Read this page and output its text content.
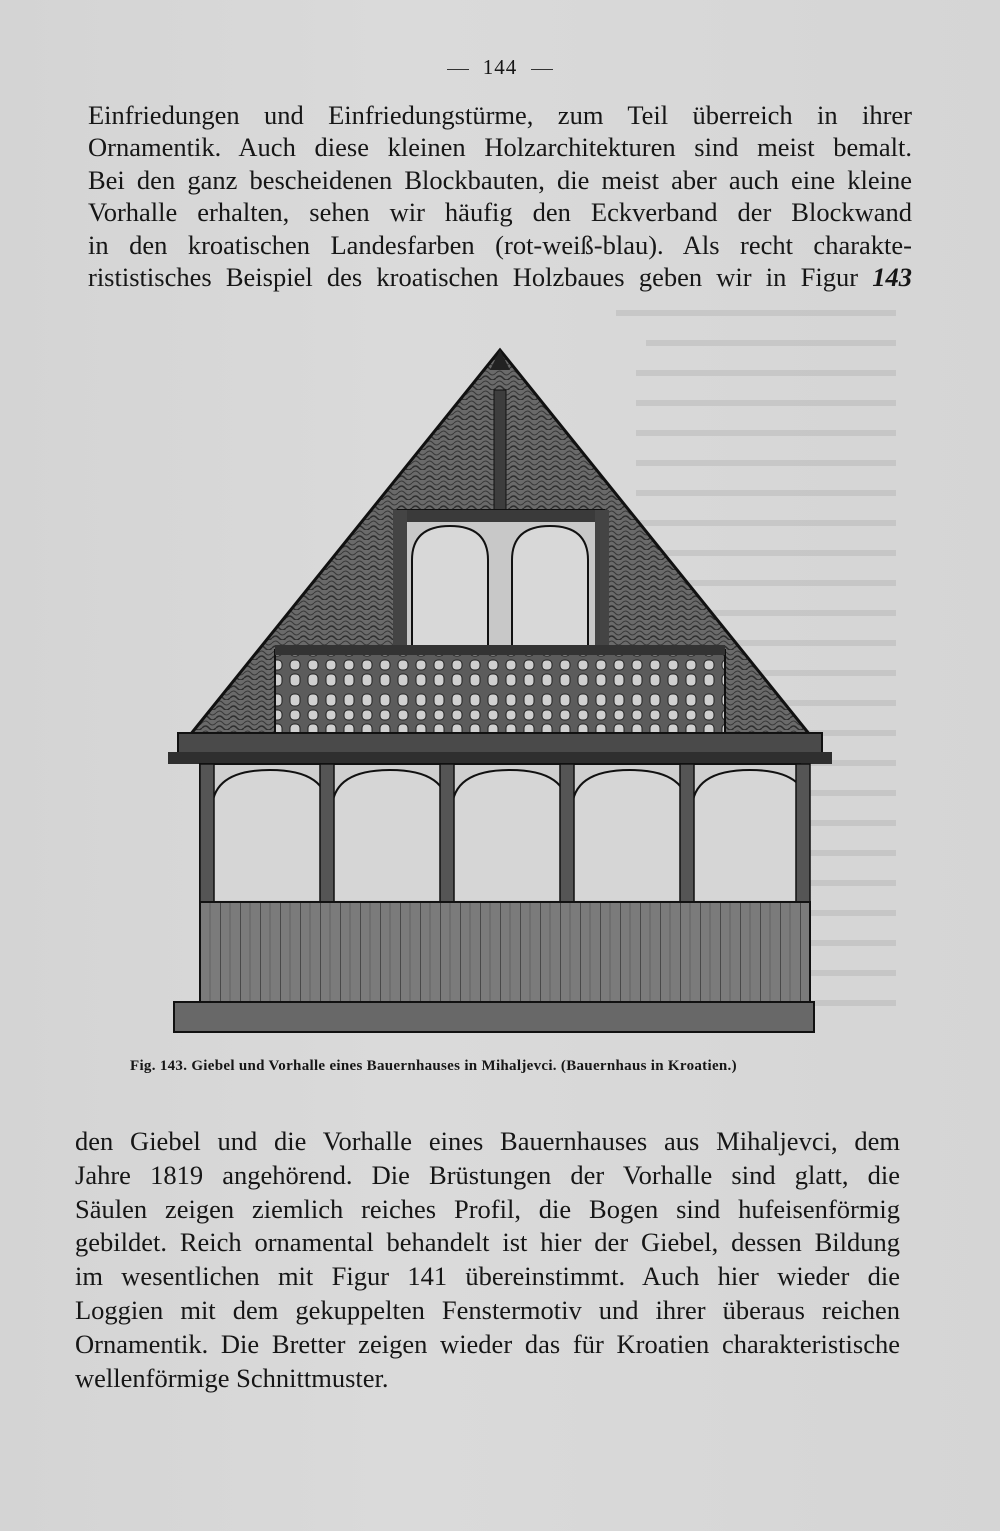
144
Einfriedungen und Einfriedungstürme, zum Teil überreich in ihrer
Ornamentik. Auch diese kleinen Holzarchitekturen sind meist bemalt.
Bei den ganz bescheidenen Blockbauten, die meist aber auch eine kleine
Vorhalle erhalten, sehen wir häufig den Eckverband der Blockwand
in den kroatischen Landesfarben (rot-weiß-blau). Als recht charakte-
rististisches Beispiel des kroatischen Holzbaues geben wir in Figur 143
Fig. 143. Giebel und Vorhalle eines Bauernhauses in Mihaljevci. (Bauernhaus in Kroatien.)
den Giebel und die Vorhalle eines Bauernhauses aus Mihaljevci, dem
Jahre 1819 angehörend. Die Brüstungen der Vorhalle sind glatt, die
Säulen zeigen ziemlich reiches Profil, die Bogen sind hufeisenförmig
gebildet. Reich ornamental behandelt ist hier der Giebel, dessen Bildung
im wesentlichen mit Figur 141 übereinstimmt. Auch hier wieder die
Loggien mit dem gekuppelten Fenstermotiv und ihrer überaus reichen
Ornamentik. Die Bretter zeigen wieder das für Kroatien charakteristische
wellenförmige Schnittmuster.
